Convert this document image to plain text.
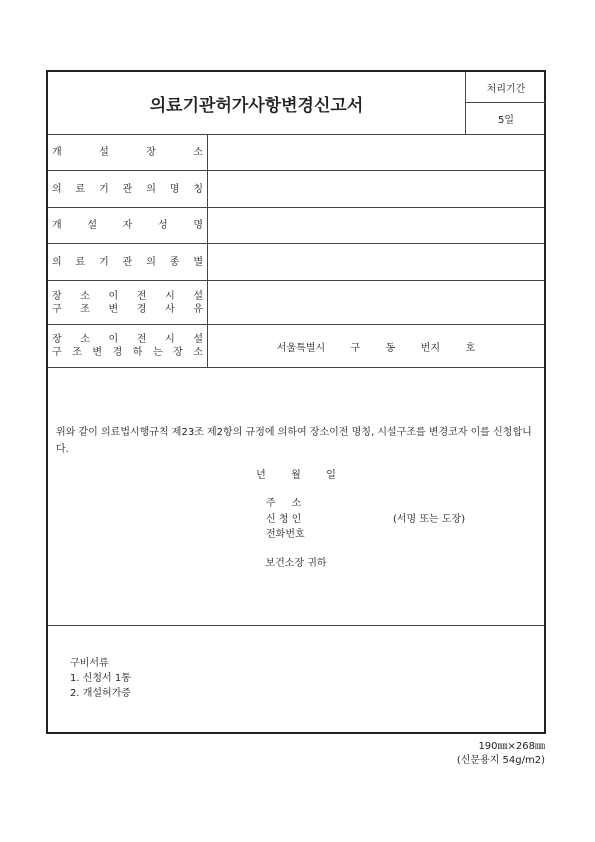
의료기관허가사항변경신고서
처리기간
5일
개 설 장 소
의 료 기 관 의 명 칭
개 설 자 성 명
의 료 기 관 의 종 별
장 소 이 전 시 설
구 조 변 경 사 유
장 소 이 전 시 설
구 조 변 경 하 는 장 소	서울특별시        구        동        번지        호
위와 같이 의료법시행규칙 제23조 제2항의 규정에 의하여 장소이전 명칭, 시설구조를 변경코자 이를 신청합니다.
년        월        일
주     소
신 청 인	(서명 또는 도장)
전화번호
보건소장 귀하
구비서류
1. 신청서 1통
2. 개설허가증
190㎜×268㎜
(신문용지 54g/m2)
